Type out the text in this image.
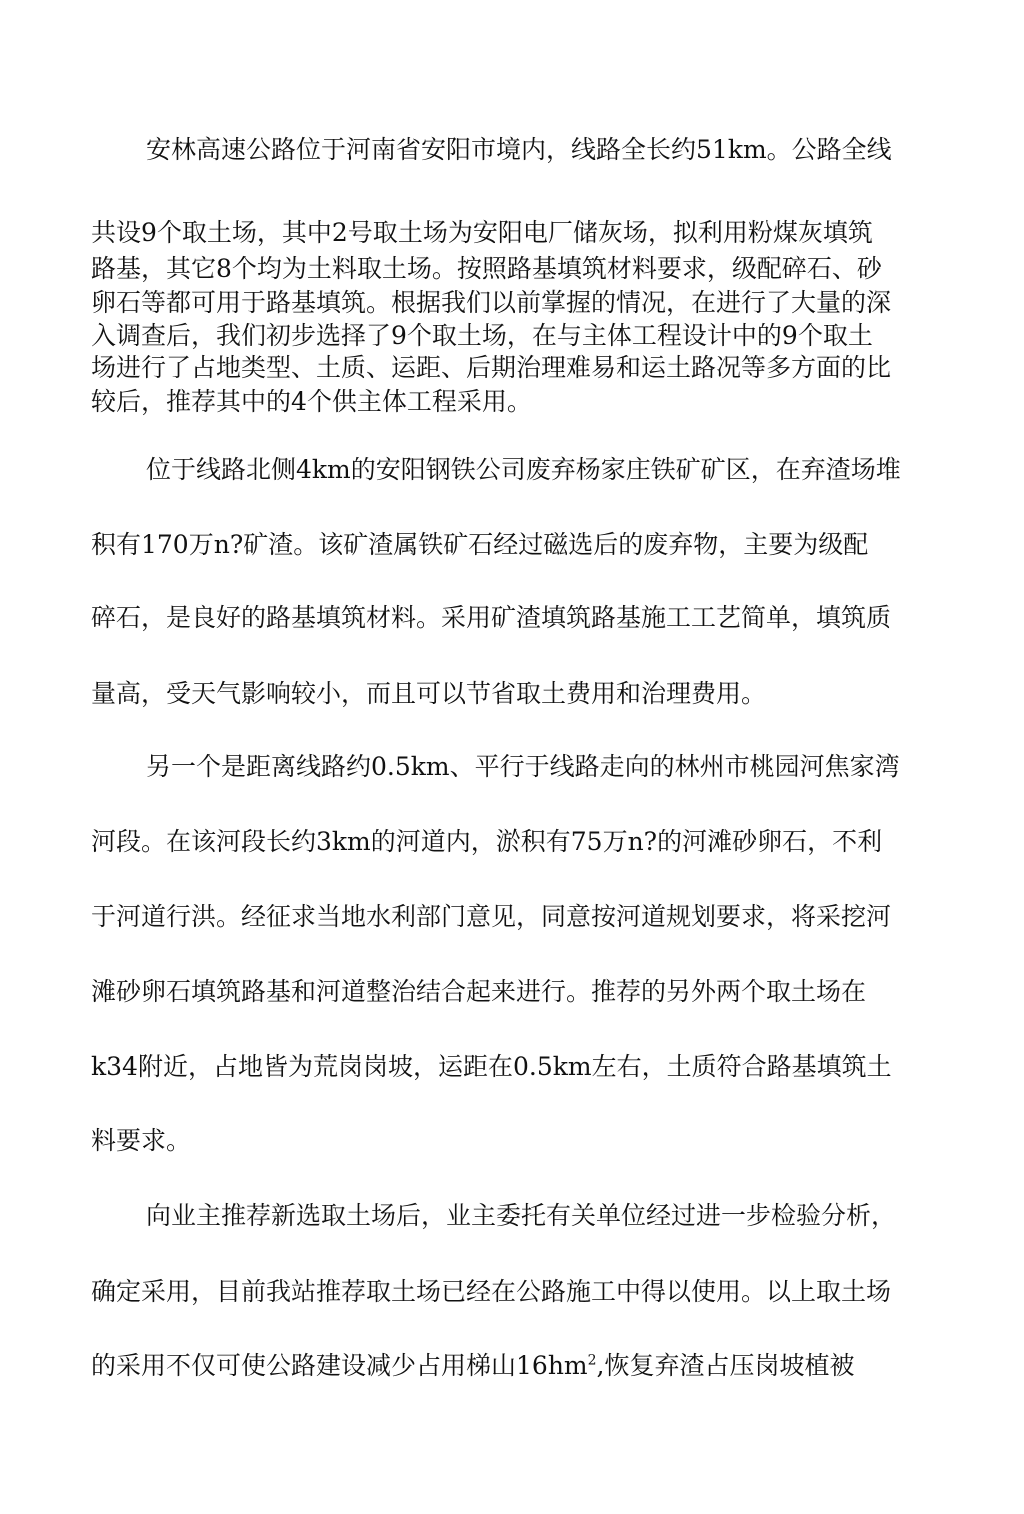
安林高速公路位于河南省安阳市境内，线路全长约51km。公路全线
共设9个取土场，其中2号取土场为安阳电厂储灰场，拟利用粉煤灰填筑
路基，其它8个均为土料取土场。按照路基填筑材料要求，级配碎石、砂
卵石等都可用于路基填筑。根据我们以前掌握的情况，在进行了大量的深
入调查后，我们初步选择了9个取土场，在与主体工程设计中的9个取土
场进行了占地类型、土质、运距、后期治理难易和运土路况等多方面的比
较后，推荐其中的4个供主体工程采用。
位于线路北侧4km的安阳钢铁公司废弃杨家庄铁矿矿区，在弃渣场堆
积有170万n?矿渣。该矿渣属铁矿石经过磁选后的废弃物，主要为级配
碎石，是良好的路基填筑材料。采用矿渣填筑路基施工工艺简单，填筑质
量高，受天气影响较小，而且可以节省取土费用和治理费用。
另一个是距离线路约0.5km、平行于线路走向的林州市桃园河焦家湾
河段。在该河段长约3km的河道内，淤积有75万n?的河滩砂卵石，不利
于河道行洪。经征求当地水利部门意见，同意按河道规划要求，将采挖河
滩砂卵石填筑路基和河道整治结合起来进行。推荐的另外两个取土场在
k34附近，占地皆为荒岗岗坡，运距在0.5km左右，土质符合路基填筑土
料要求。
向业主推荐新选取土场后，业主委托有关单位经过进一步检验分析，
确定采用，目前我站推荐取土场已经在公路施工中得以使用。以上取土场
的采用不仅可使公路建设减少占用梯山$16hm^2$,恢复弃渣占压岗坡植被
